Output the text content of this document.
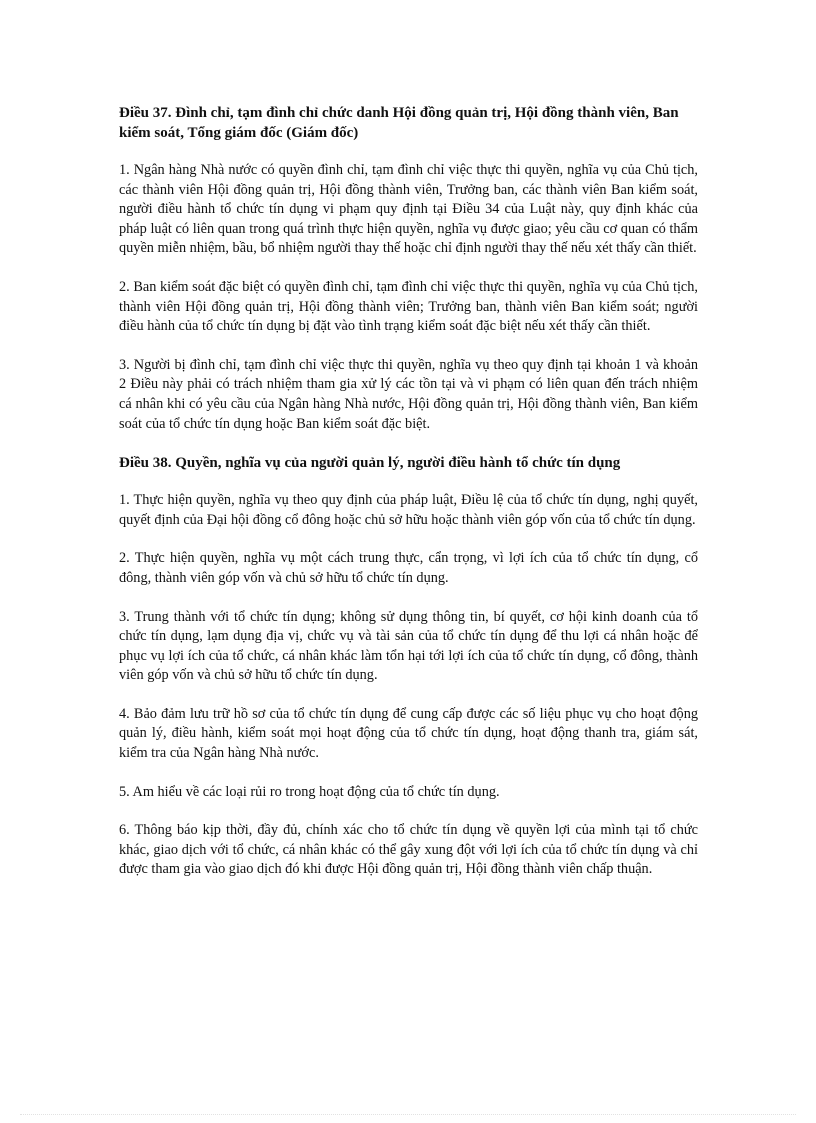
Điều 37. Đình chỉ, tạm đình chỉ chức danh Hội đồng quản trị, Hội đồng thành viên, Ban kiểm soát, Tổng giám đốc (Giám đốc)

1. Ngân hàng Nhà nước có quyền đình chỉ, tạm đình chỉ việc thực thi quyền, nghĩa vụ của Chủ tịch, các thành viên Hội đồng quản trị, Hội đồng thành viên, Trưởng ban, các thành viên Ban kiểm soát, người điều hành tổ chức tín dụng vi phạm quy định tại Điều 34 của Luật này, quy định khác của pháp luật có liên quan trong quá trình thực hiện quyền, nghĩa vụ được giao; yêu cầu cơ quan có thẩm quyền miễn nhiệm, bầu, bổ nhiệm người thay thế hoặc chỉ định người thay thế nếu xét thấy cần thiết.

2. Ban kiểm soát đặc biệt có quyền đình chỉ, tạm đình chỉ việc thực thi quyền, nghĩa vụ của Chủ tịch, thành viên Hội đồng quản trị, Hội đồng thành viên; Trưởng ban, thành viên Ban kiểm soát; người điều hành của tổ chức tín dụng bị đặt vào tình trạng kiểm soát đặc biệt nếu xét thấy cần thiết.

3. Người bị đình chỉ, tạm đình chỉ việc thực thi quyền, nghĩa vụ theo quy định tại khoản 1 và khoản 2 Điều này phải có trách nhiệm tham gia xử lý các tồn tại và vi phạm có liên quan đến trách nhiệm cá nhân khi có yêu cầu của Ngân hàng Nhà nước, Hội đồng quản trị, Hội đồng thành viên, Ban kiểm soát của tổ chức tín dụng hoặc Ban kiểm soát đặc biệt.

Điều 38. Quyền, nghĩa vụ của người quản lý, người điều hành tổ chức tín dụng

1. Thực hiện quyền, nghĩa vụ theo quy định của pháp luật, Điều lệ của tổ chức tín dụng, nghị quyết, quyết định của Đại hội đồng cổ đông hoặc chủ sở hữu hoặc thành viên góp vốn của tổ chức tín dụng.

2. Thực hiện quyền, nghĩa vụ một cách trung thực, cẩn trọng, vì lợi ích của tổ chức tín dụng, cổ đông, thành viên góp vốn và chủ sở hữu tổ chức tín dụng.

3. Trung thành với tổ chức tín dụng; không sử dụng thông tin, bí quyết, cơ hội kinh doanh của tổ chức tín dụng, lạm dụng địa vị, chức vụ và tài sản của tổ chức tín dụng để thu lợi cá nhân hoặc để phục vụ lợi ích của tổ chức, cá nhân khác làm tổn hại tới lợi ích của tổ chức tín dụng, cổ đông, thành viên góp vốn và chủ sở hữu tổ chức tín dụng.

4. Bảo đảm lưu trữ hồ sơ của tổ chức tín dụng để cung cấp được các số liệu phục vụ cho hoạt động quản lý, điều hành, kiểm soát mọi hoạt động của tổ chức tín dụng, hoạt động thanh tra, giám sát, kiểm tra của Ngân hàng Nhà nước.

5. Am hiểu về các loại rủi ro trong hoạt động của tổ chức tín dụng.

6. Thông báo kịp thời, đầy đủ, chính xác cho tổ chức tín dụng về quyền lợi của mình tại tổ chức khác, giao dịch với tổ chức, cá nhân khác có thể gây xung đột với lợi ích của tổ chức tín dụng và chỉ được tham gia vào giao dịch đó khi được Hội đồng quản trị, Hội đồng thành viên chấp thuận.
